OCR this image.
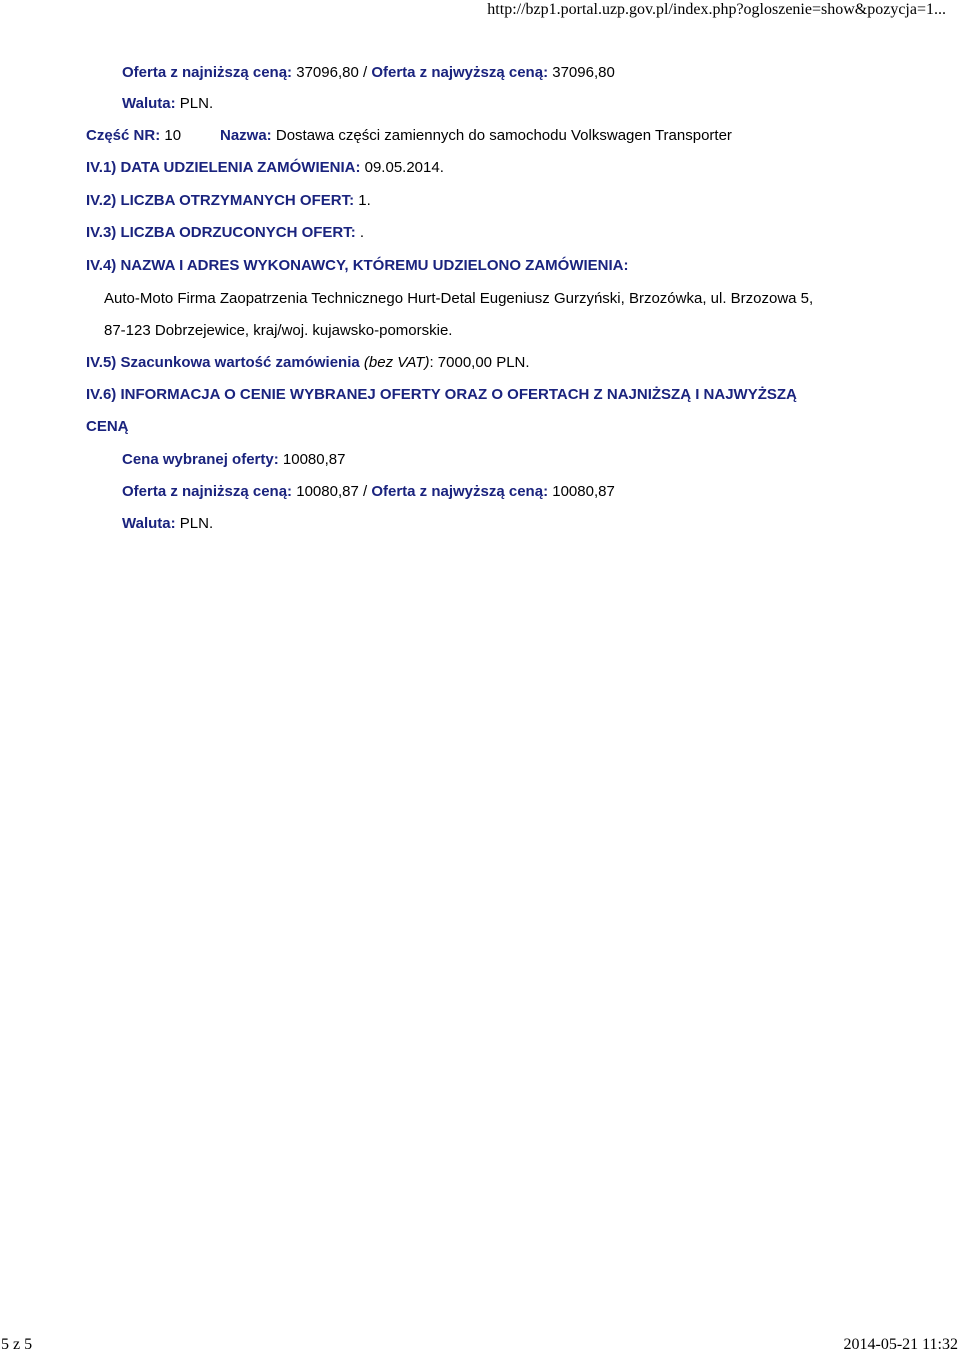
http://bzp1.portal.uzp.gov.pl/index.php?ogloszenie=show&pozycja=1...
Oferta z najniższą ceną: 37096,80 / Oferta z najwyższą ceną: 37096,80
Waluta: PLN.
Część NR: 10	Nazwa: Dostawa części zamiennych do samochodu Volkswagen Transporter
IV.1) DATA UDZIELENIA ZAMÓWIENIA: 09.05.2014.
IV.2) LICZBA OTRZYMANYCH OFERT: 1.
IV.3) LICZBA ODRZUCONYCH OFERT: .
IV.4) NAZWA I ADRES WYKONAWCY, KTÓREMU UDZIELONO ZAMÓWIENIA:
Auto-Moto Firma Zaopatrzenia Technicznego Hurt-Detal Eugeniusz Gurzyński, Brzozówka, ul. Brzozowa 5,
87-123 Dobrzejewice, kraj/woj. kujawsko-pomorskie.
IV.5) Szacunkowa wartość zamówienia (bez VAT): 7000,00 PLN.
IV.6) INFORMACJA O CENIE WYBRANEJ OFERTY ORAZ O OFERTACH Z NAJNIŻSZĄ I NAJWYŻSZĄ
CENĄ
Cena wybranej oferty: 10080,87
Oferta z najniższą ceną: 10080,87 / Oferta z najwyższą ceną: 10080,87
Waluta: PLN.
5 z 5	2014-05-21 11:32
